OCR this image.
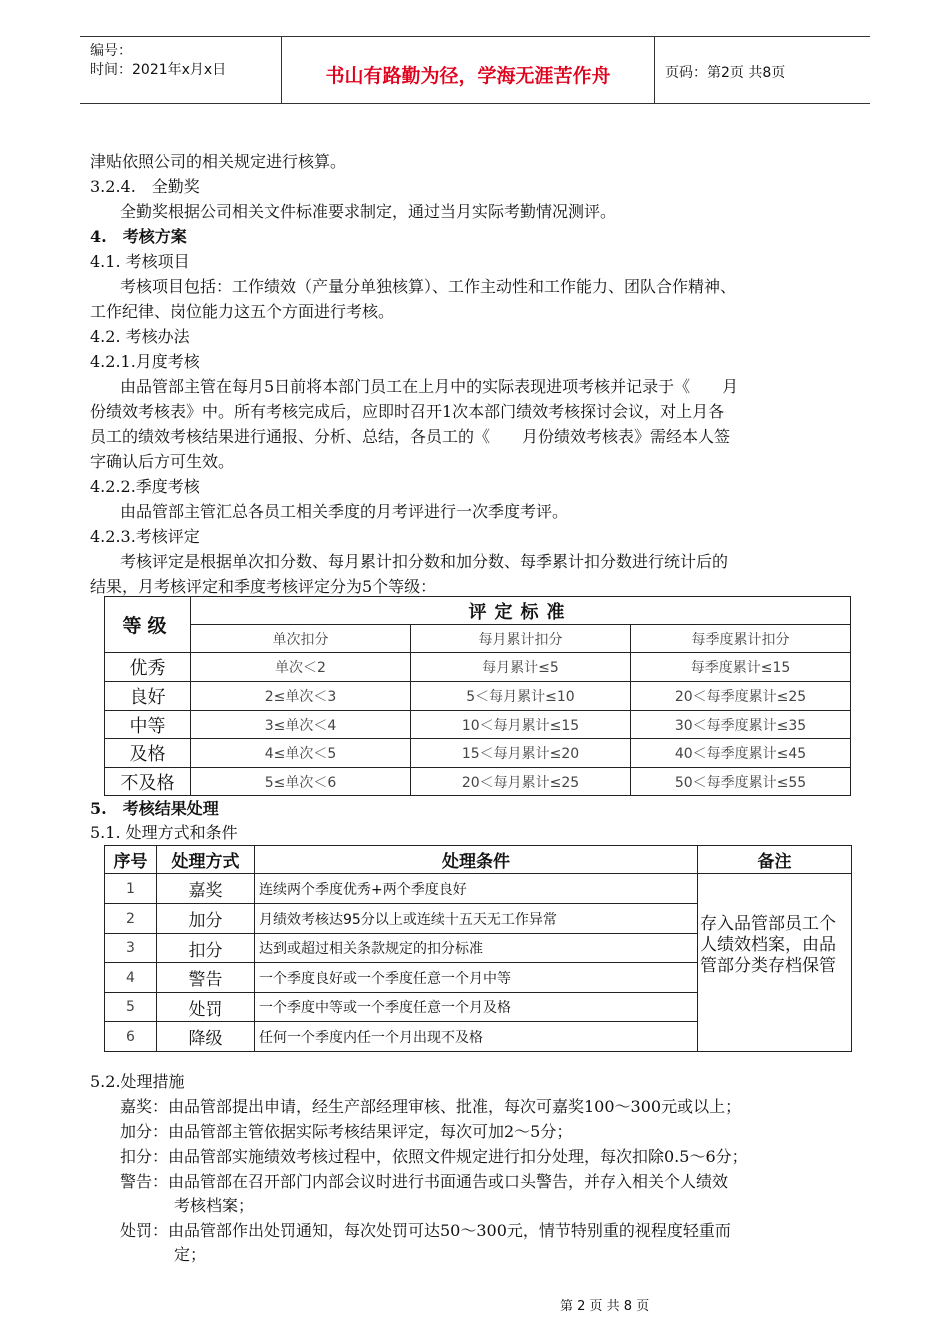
编号：
时间：2021年x月x日	书山有路勤为径，学海无涯苦作舟	页码：第2页 共8页
津贴依照公司的相关规定进行核算。
3.2.4.　全勤奖
全勤奖根据公司相关文件标准要求制定，通过当月实际考勤情况测评。
4.　考核方案
4.1. 考核项目
考核项目包括：工作绩效（产量分单独核算）、工作主动性和工作能力、团队合作精神、
工作纪律、岗位能力这五个方面进行考核。
4.2. 考核办法
4.2.1.月度考核
由品管部主管在每月5日前将本部门员工在上月中的实际表现进项考核并记录于《　　月
份绩效考核表》中。所有考核完成后，应即时召开1次本部门绩效考核探讨会议，对上月各
员工的绩效考核结果进行通报、分析、总结，各员工的《　　月份绩效考核表》需经本人签
字确认后方可生效。
4.2.2.季度考核
由品管部主管汇总各员工相关季度的月考评进行一次季度考评。
4.2.3.考核评定
考核评定是根据单次扣分数、每月累计扣分数和加分数、每季累计扣分数进行统计后的
结果，月考核评定和季度考核评定分为5个等级：
等级	评定标准		
	单次扣分	每月累计扣分	每季度累计扣分
优秀	单次＜2	每月累计≤5	每季度累计≤15
良好	2≤单次＜3	5＜每月累计≤10	20＜每季度累计≤25
中等	3≤单次＜4	10＜每月累计≤15	30＜每季度累计≤35
及格	4≤单次＜5	15＜每月累计≤20	40＜每季度累计≤45
不及格	5≤单次＜6	20＜每月累计≤25	50＜每季度累计≤55
5.　考核结果处理
5.1. 处理方式和条件
序号	处理方式	处理条件	备注
1	嘉奖	连续两个季度优秀+两个季度良好	存入品管部员工个人绩效档案，由品管部分类存档保管
2	加分	月绩效考核达95分以上或连续十五天无工作异常	
3	扣分	达到或超过相关条款规定的扣分标准	
4	警告	一个季度良好或一个季度任意一个月中等	
5	处罚	一个季度中等或一个季度任意一个月及格	
6	降级	任何一个季度内任一个月出现不及格	
5.2.处理措施
嘉奖：由品管部提出申请，经生产部经理审核、批准，每次可嘉奖100～300元或以上；
加分：由品管部主管依据实际考核结果评定，每次可加2～5分；
扣分：由品管部实施绩效考核过程中，依照文件规定进行扣分处理，每次扣除0.5～6分；
警告：由品管部在召开部门内部会议时进行书面通告或口头警告，并存入相关个人绩效
考核档案；
处罚：由品管部作出处罚通知，每次处罚可达50～300元，情节特别重的视程度轻重而
定；
第 2 页 共 8 页
